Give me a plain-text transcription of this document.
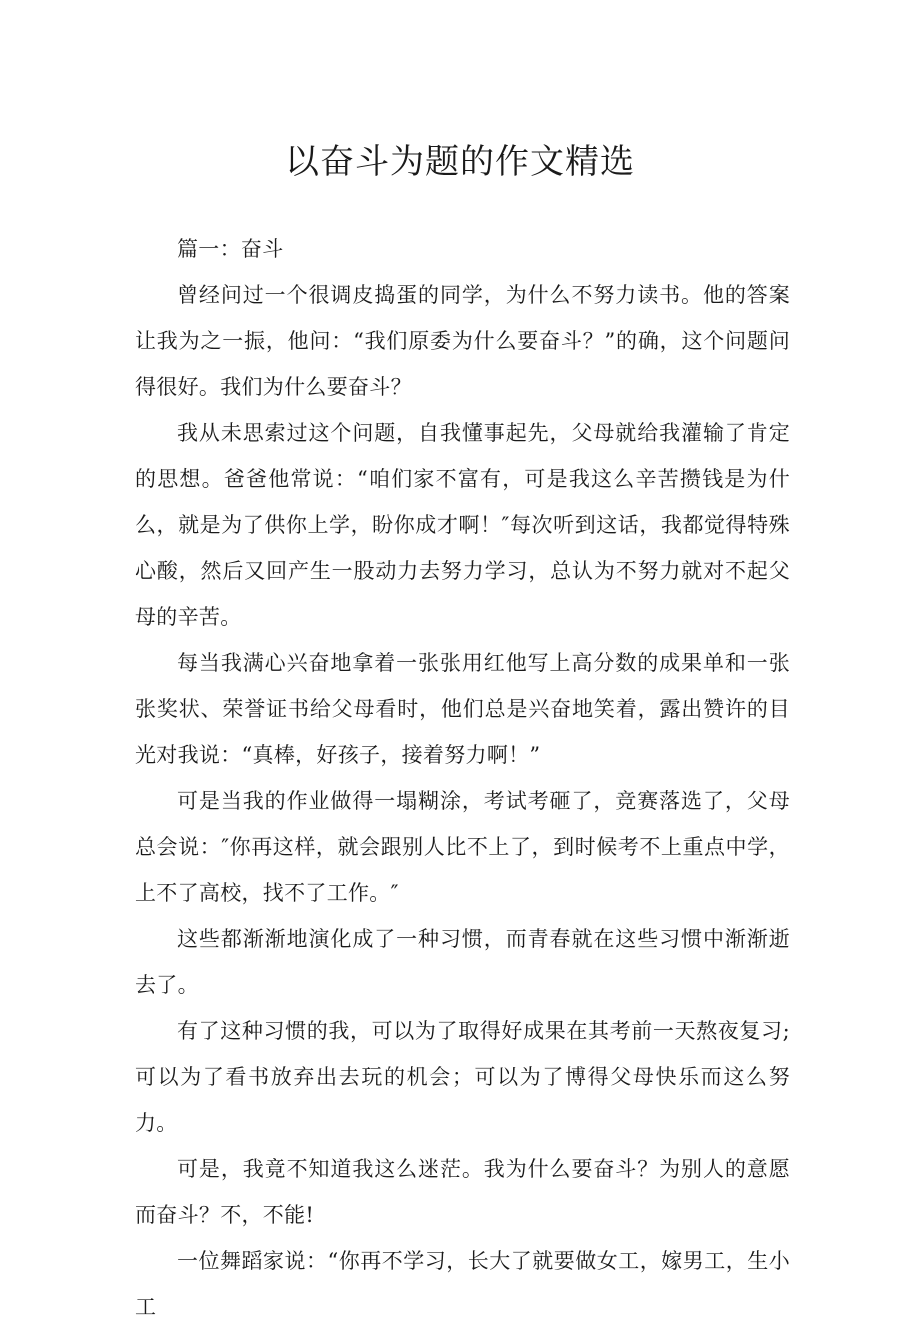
以奋斗为题的作文精选

篇一：奋斗

曾经问过一个很调皮捣蛋的同学，为什么不努力读书。他的答案让我为之一振，他问：“我们原委为什么要奋斗？”的确，这个问题问得很好。我们为什么要奋斗？

我从未思索过这个问题，自我懂事起先，父母就给我灌输了肯定的思想。爸爸他常说：“咱们家不富有，可是我这么辛苦攒钱是为什么，就是为了供你上学，盼你成才啊！″每次听到这话，我都觉得特殊心酸，然后又回产生一股动力去努力学习，总认为不努力就对不起父母的辛苦。

每当我满心兴奋地拿着一张张用红他写上高分数的成果单和一张张奖状、荣誉证书给父母看时，他们总是兴奋地笑着，露出赞许的目光对我说：“真棒，好孩子，接着努力啊！”

可是当我的作业做得一塌糊涂，考试考砸了，竞赛落选了，父母总会说：″你再这样，就会跟别人比不上了，到时候考不上重点中学，上不了高校，找不了工作。″

这些都渐渐地演化成了一种习惯，而青春就在这些习惯中渐渐逝去了。

有了这种习惯的我，可以为了取得好成果在其考前一天熬夜复习;可以为了看书放弃出去玩的机会；可以为了博得父母快乐而这么努力。

可是，我竟不知道我这么迷茫。我为什么要奋斗？为别人的意愿而奋斗？不，不能!

一位舞蹈家说：“你再不学习，长大了就要做女工，嫁男工，生小工
